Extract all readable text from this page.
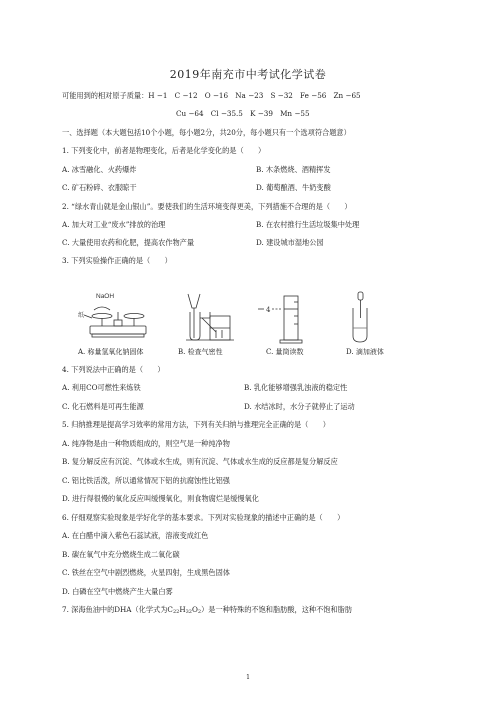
2019年南充市中考试化学试卷
可能用到的相对原子质量：H −1　C −12　O −16　Na −23　S −32　Fe −56　Zn −65
Cu −64　Cl −35.5　K −39　Mn −55
一、选择题（本大题包括10个小题，每小题2分，共20分，每小题只有一个选项符合题意）
1. 下列变化中，前者是物理变化，后者是化学变化的是（　　）
A. 冰雪融化、火药爆炸	B. 木条燃烧、酒精挥发
C. 矿石粉碎、衣服晾干	D. 葡萄酿酒、牛奶变酸
2. “绿水青山就是金山银山”。要使我们的生活环境变得更美，下列措施不合理的是（　　）
A. 加大对工业“废水”排放的治理	B. 在农村推行生活垃圾集中处理
C. 大量使用农药和化肥，提高农作物产量	D. 建设城市湿地公园
3. 下列实验操作正确的是（　　）
NaOH
纸
4
A. 称量氢氧化钠固体	B. 检查气密性	C. 量筒读数	D. 滴加液体
4. 下列说法中正确的是（　　）
A. 利用CO可燃性来炼铁	B. 乳化能够增强乳浊液的稳定性
C. 化石燃料是可再生能源	D. 水结冰时，水分子就停止了运动
5. 归纳推理是提高学习效率的常用方法，下列有关归纳与推理完全正确的是（　　）
A. 纯净物是由一种物质组成的，则空气是一种纯净物
B. 复分解反应有沉淀、气体或水生成，则有沉淀、气体或水生成的反应都是复分解反应
C. 铝比铁活泼，所以通常情况下铝的抗腐蚀性比铝强
D. 进行得很慢的氧化反应叫缓慢氧化，则食物腐烂是缓慢氧化
6. 仔细观察实验现象是学好化学的基本要求。下列对实验现象的描述中正确的是（　　）
A. 在白醋中滴入紫色石蕊试液，溶液变成红色
B. 碳在氧气中充分燃烧生成二氧化碳
C. 铁丝在空气中剧烈燃烧，火星四射，生成黑色固体
D. 白磷在空气中燃烧产生大量白雾
7. 深海鱼油中的DHA（化学式为$C_{22}H_{32}O_2$）是一种特殊的不饱和脂肪酸，这种不饱和脂肪
1
